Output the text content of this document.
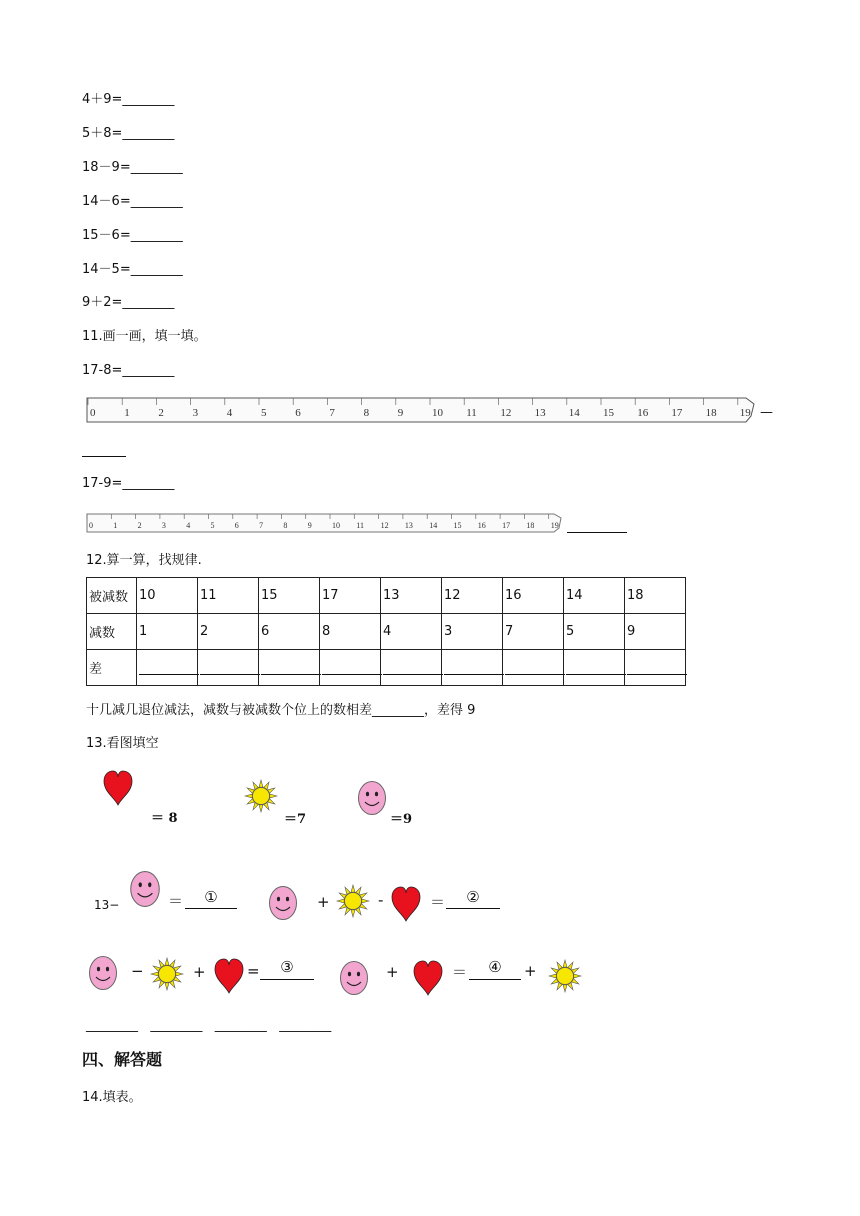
4＋9=________
5＋8=________
18－9=________
14－6=________
15－6=________
14－5=________
9＋2=________
11.画一画，填一填。
17-8=________
0	1	2	3	4	5	6	7	8	9	10 11 12 13 14 15 16 17 18 19 —
17-9=________
0	1	2	3	4	5	6	7	8	9	10 11 12 13 14 15 16 17 18 19
12.算一算，找规律.
被减数	10	11	15	17	13	12	16	14	18
减数	1	2	6	8	4	3	7	5	9
差	

十几减几退位减法，减数与被减数个位上的数相差________，差得 9
13.看图填空
＝ 8	＝7	＝9
13−	＝	①	+	-	＝	②
−	+	=	③	+	＝	④	+
________   ________   ________   ________
四、解答题
14.填表。
